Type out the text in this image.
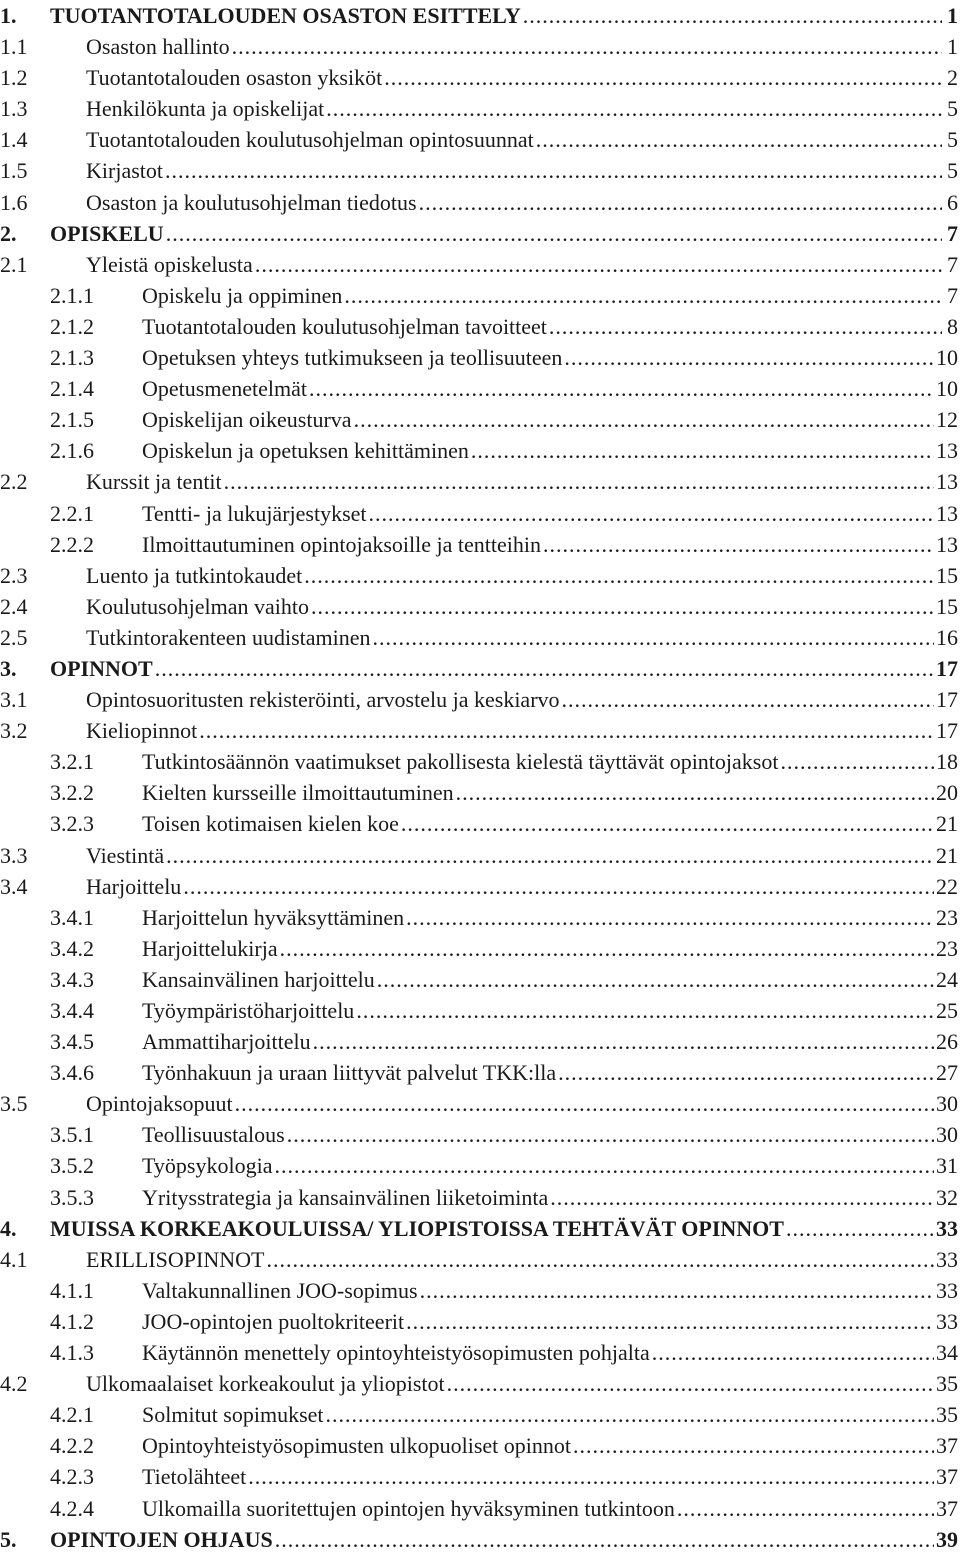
1.	TUOTANTOTALOUDEN OSASTON ESITTELY .....	1
1.1	Osaston hallinto .....	1
1.2	Tuotantotalouden osaston yksiköt .....	2
1.3	Henkilökunta ja opiskelijat .....	5
1.4	Tuotantotalouden koulutusohjelman opintosuunnat .....	5
1.5	Kirjastot .....	5
1.6	Osaston ja koulutusohjelman tiedotus .....	6
2.	OPISKELU .....	7
2.1	Yleistä opiskelusta .....	7
2.1.1	Opiskelu ja oppiminen .....	7
2.1.2	Tuotantotalouden koulutusohjelman tavoitteet .....	8
2.1.3	Opetuksen yhteys tutkimukseen ja teollisuuteen .....	10
2.1.4	Opetusmenetelmät .....	10
2.1.5	Opiskelijan oikeusturva .....	12
2.1.6	Opiskelun ja opetuksen kehittäminen .....	13
2.2	Kurssit ja tentit .....	13
2.2.1	Tentti- ja lukujärjestykset .....	13
2.2.2	Ilmoittautuminen opintojaksoille ja tentteihin .....	13
2.3	Luento ja tutkintokaudet .....	15
2.4	Koulutusohjelman vaihto .....	15
2.5	Tutkintorakenteen uudistaminen .....	16
3.	OPINNOT .....	17
3.1	Opintosuoritusten rekisteröinti, arvostelu ja keskiarvo .....	17
3.2	Kieliopinnot .....	17
3.2.1	Tutkintosäännön vaatimukset pakollisesta kielestä täyttävät opintojaksot .....	18
3.2.2	Kielten kursseille ilmoittautuminen .....	20
3.2.3	Toisen kotimaisen kielen koe .....	21
3.3	Viestintä .....	21
3.4	Harjoittelu .....	22
3.4.1	Harjoittelun hyväksyttäminen .....	23
3.4.2	Harjoittelukirja .....	23
3.4.3	Kansainvälinen harjoittelu .....	24
3.4.4	Työympäristöharjoittelu .....	25
3.4.5	Ammattiharjoittelu .....	26
3.4.6	Työnhakuun ja uraan liittyvät palvelut TKK:lla .....	27
3.5	Opintojaksopuut .....	30
3.5.1	Teollisuustalous .....	30
3.5.2	Työpsykologia .....	31
3.5.3	Yritysstrategia ja kansainvälinen liiketoiminta .....	32
4.	MUISSA KORKEAKOULUISSA/ YLIOPISTOISSA TEHTÄVÄT OPINNOT .....	33
4.1	ERILLISOPINNOT .....	33
4.1.1	Valtakunnallinen JOO-sopimus .....	33
4.1.2	JOO-opintojen puoltokriteerit .....	33
4.1.3	Käytännön menettely opintoyhteistyösopimusten pohjalta .....	34
4.2	Ulkomaalaiset korkeakoulut ja yliopistot .....	35
4.2.1	Solmitut sopimukset .....	35
4.2.2	Opintoyhteistyösopimusten ulkopuoliset opinnot .....	37
4.2.3	Tietolähteet .....	37
4.2.4	Ulkomailla suoritettujen opintojen hyväksyminen tutkintoon .....	37
5.	OPINTOJEN OHJAUS .....	39
